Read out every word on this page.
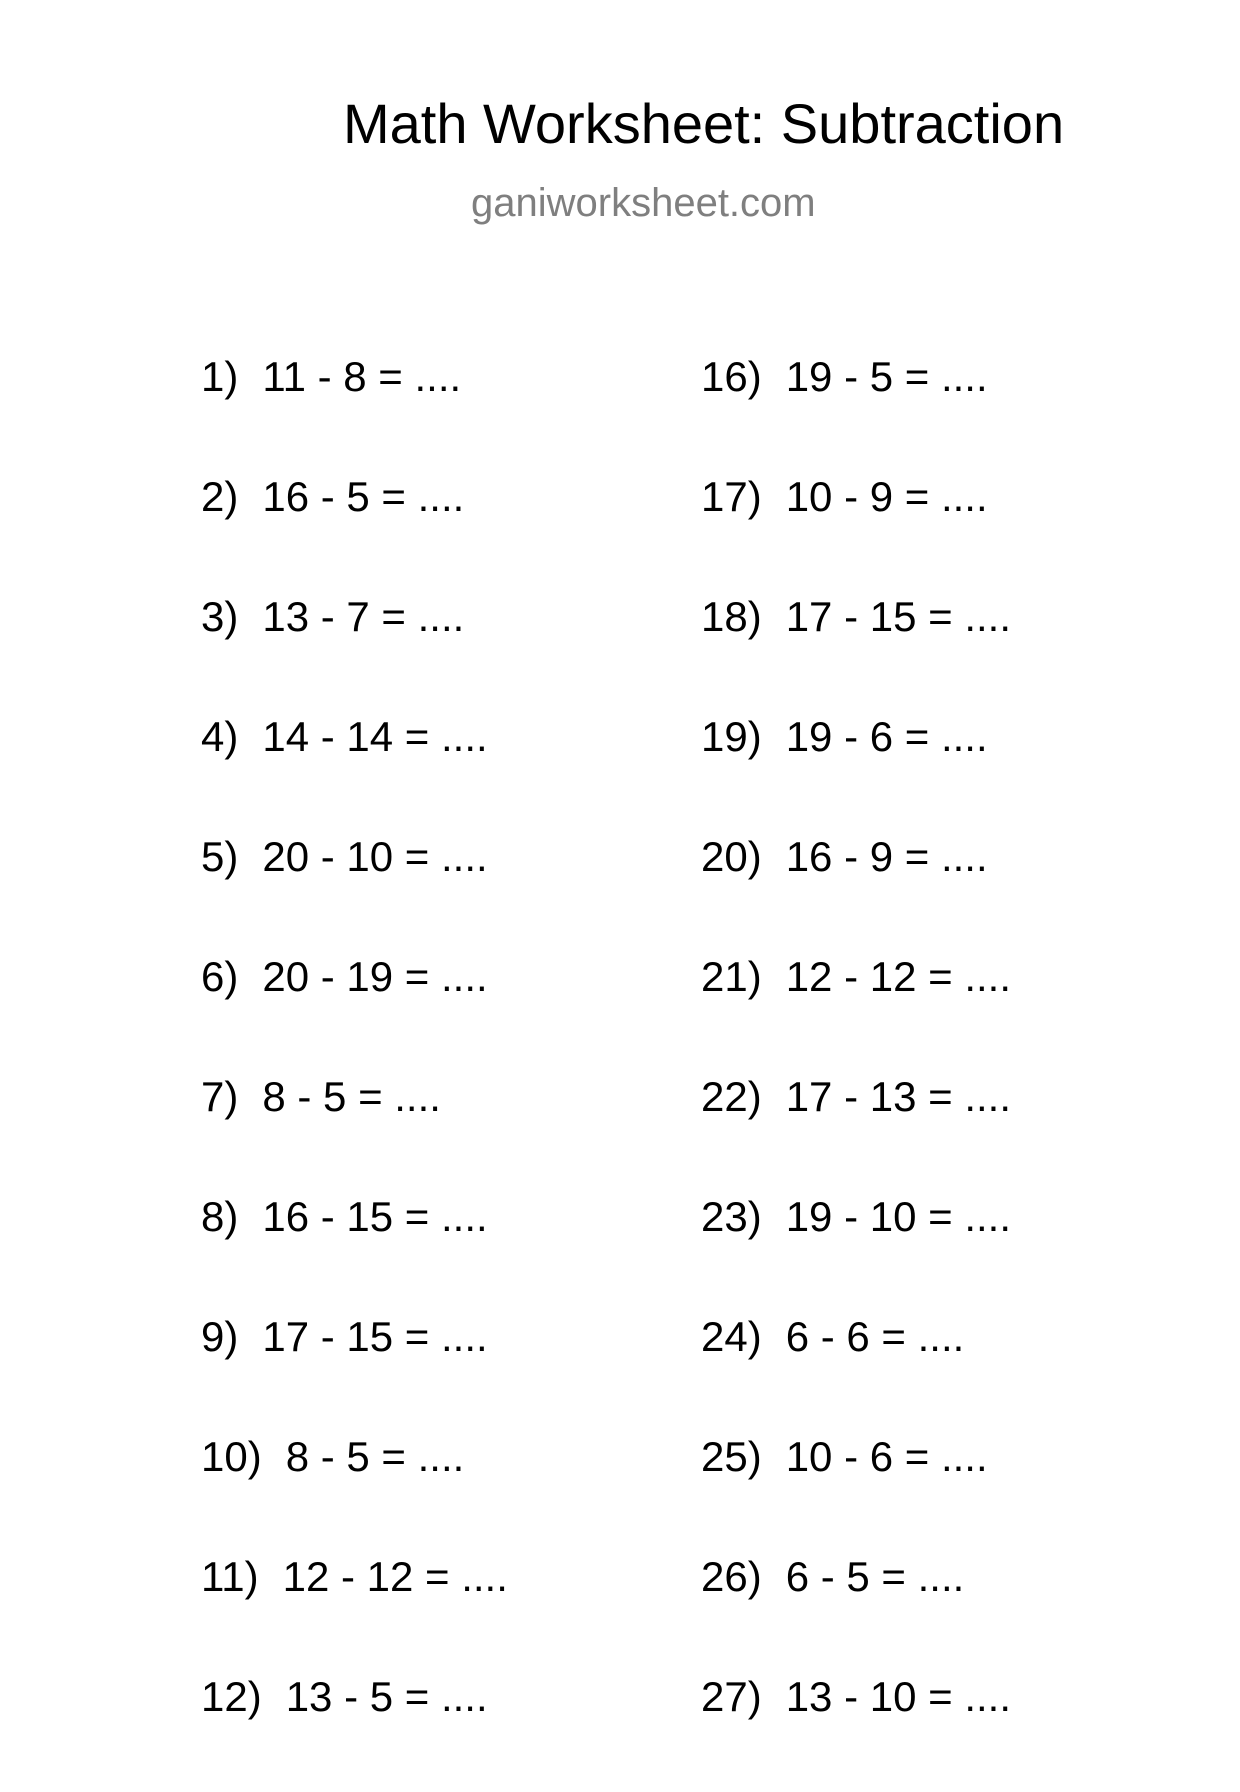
Math Worksheet: Subtraction
ganiworksheet.com
1) 11 - 8 = ....
2) 16 - 5 = ....
3) 13 - 7 = ....
4) 14 - 14 = ....
5) 20 - 10 = ....
6) 20 - 19 = ....
7) 8 - 5 = ....
8) 16 - 15 = ....
9) 17 - 15 = ....
10) 8 - 5 = ....
11) 12 - 12 = ....
12) 13 - 5 = ....
16) 19 - 5 = ....
17) 10 - 9 = ....
18) 17 - 15 = ....
19) 19 - 6 = ....
20) 16 - 9 = ....
21) 12 - 12 = ....
22) 17 - 13 = ....
23) 19 - 10 = ....
24) 6 - 6 = ....
25) 10 - 6 = ....
26) 6 - 5 = ....
27) 13 - 10 = ....
